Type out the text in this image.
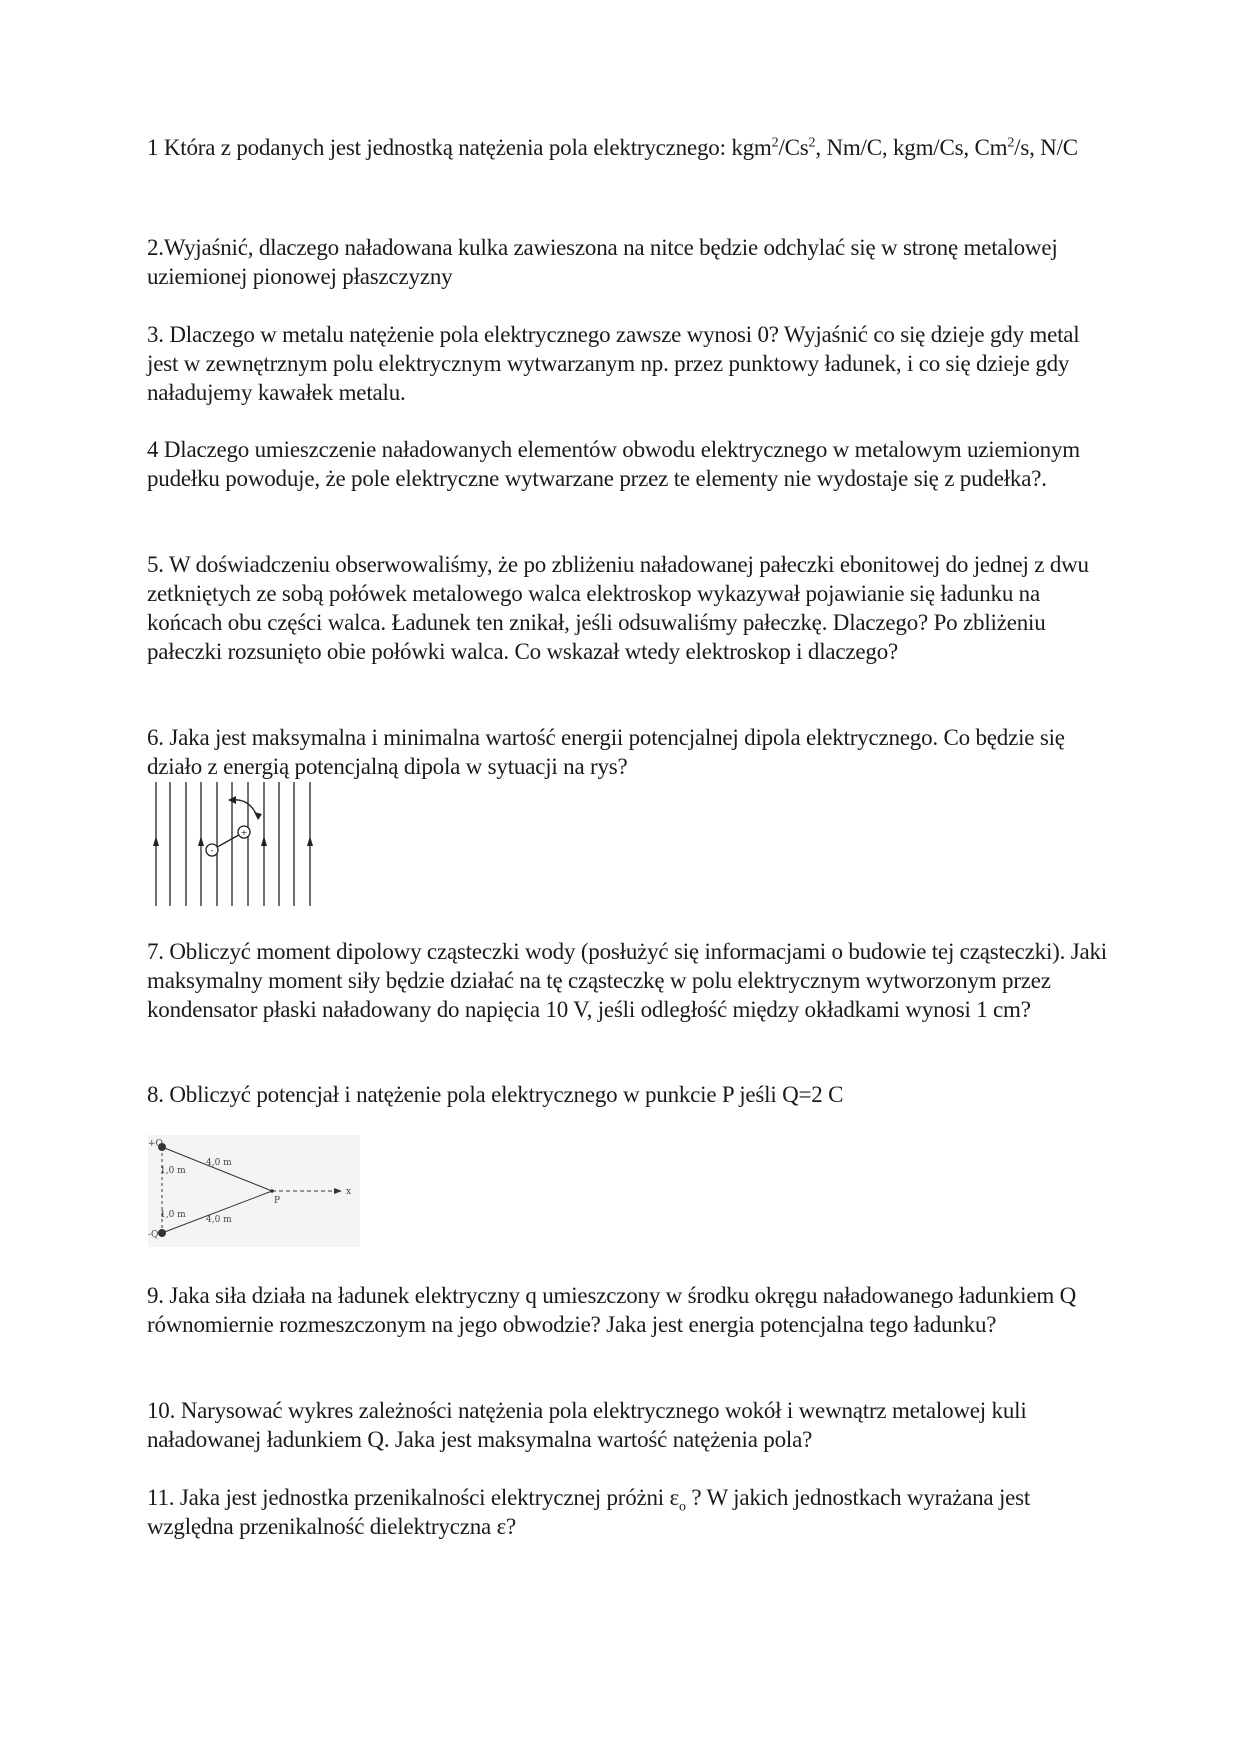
1 Która z podanych jest jednostką natężenia pola elektrycznego: kgm$^2$/Cs$^2$, Nm/C, kgm/Cs, Cm$^2$/s, N/C

2.Wyjaśnić, dlaczego naładowana kulka zawieszona na nitce będzie odchylać się w stronę metalowej uziemionej pionowej płaszczyzny

3. Dlaczego w metalu natężenie pola elektrycznego zawsze wynosi 0? Wyjaśnić co się dzieje gdy metal jest w zewnętrznym polu elektrycznym wytwarzanym np. przez punktowy ładunek, i co się dzieje gdy naładujemy kawałek metalu.

4 Dlaczego umieszczenie naładowanych elementów obwodu elektrycznego w metalowym uziemionym pudełku powoduje, że pole elektryczne wytwarzane przez te elementy nie wydostaje się z pudełka?.

5. W doświadczeniu obserwowaliśmy, że po zbliżeniu naładowanej pałeczki ebonitowej do jednej z dwu zetkniętych ze sobą połówek metalowego walca elektroskop wykazywał pojawianie się ładunku na końcach obu części walca. Ładunek ten znikał, jeśli odsuwaliśmy pałeczkę. Dlaczego? Po zbliżeniu pałeczki rozsunięto obie połówki walca. Co wskazał wtedy elektroskop i dlaczego?

6. Jaka jest maksymalna i minimalna wartość energii potencjalnej dipola elektrycznego. Co będzie się działo z energią potencjalną dipola w sytuacji na rys?

-
+

7. Obliczyć moment dipolowy cząsteczki wody (posłużyć się informacjami o budowie tej cząsteczki). Jaki maksymalny moment siły będzie działać na tę cząsteczkę w polu elektrycznym wytworzonym przez kondensator płaski naładowany do napięcia 10 V, jeśli odległość między okładkami wynosi 1 cm?

8. Obliczyć potencjał i natężenie pola elektrycznego w punkcie P jeśli Q=2 C

+Q
-Q
1,0 m
1,0 m
4,0 m
4,0 m
P
x

9. Jaka siła działa na ładunek elektryczny q umieszczony w środku okręgu naładowanego ładunkiem Q równomiernie rozmeszczonym na jego obwodzie? Jaka jest energia potencjalna tego ładunku?

10. Narysować wykres zależności natężenia pola elektrycznego wokół i wewnątrz metalowej kuli naładowanej ładunkiem Q. Jaka jest maksymalna wartość natężenia pola?

11. Jaka jest jednostka przenikalności elektrycznej próżni $\varepsilon_o$ ? W jakich jednostkach wyrażana jest względna przenikalność dielektryczna ε?
